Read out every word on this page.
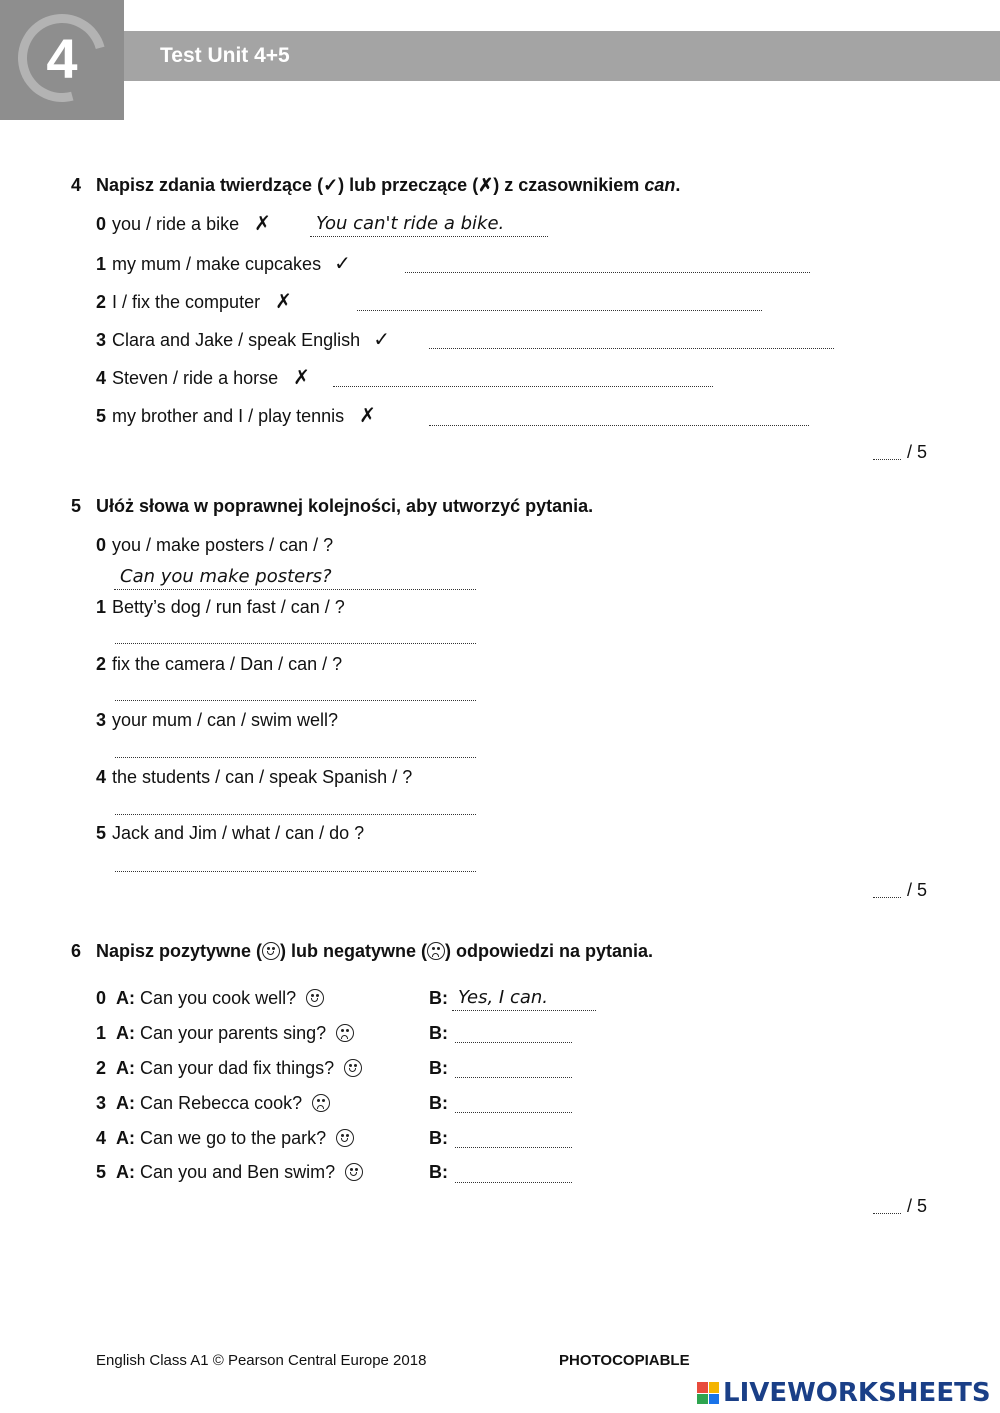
4	Test Unit 4+5
4 Napisz zdania twierdzące (✓) lub przeczące (✗) z czasownikiem can.
0 you / ride a bike ✗	You can't ride a bike.
1 my mum / make cupcakes ✓
2 I / fix the computer ✗
3 Clara and Jake / speak English ✓
4 Steven / ride a horse ✗
5 my brother and I / play tennis ✗
/ 5
5 Ułóż słowa w poprawnej kolejności, aby utworzyć pytania.
0 you / make posters / can / ?
Can you make posters?
1 Betty’s dog / run fast / can / ?
2 fix the camera / Dan / can / ?
3 your mum / can / swim well?
4 the students / can / speak Spanish / ?
5 Jack and Jim / what / can / do ?
/ 5
6 Napisz pozytywne ( ) lub negatywne ( ) odpowiedzi na pytania.
0 A: Can you cook well?	B: Yes, I can.
1 A: Can your parents sing?	B:
2 A: Can your dad fix things?	B:
3 A: Can Rebecca cook?	B:
4 A: Can we go to the park?	B:
5 A: Can you and Ben swim?	B:
/ 5
English Class A1 © Pearson Central Europe 2018	PHOTOCOPIABLE
LIVEWORKSHEETS
